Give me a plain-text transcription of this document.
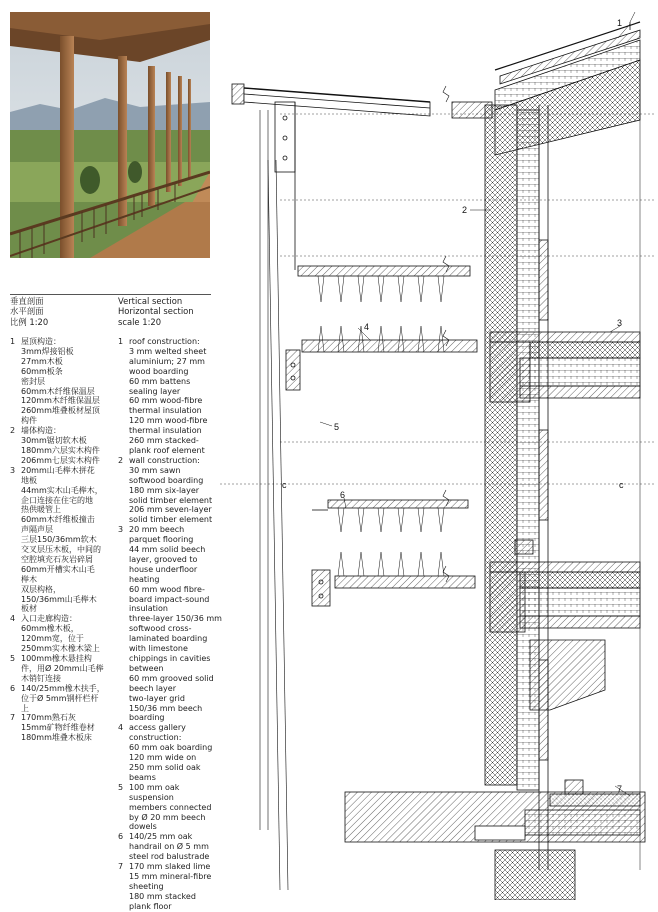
垂直剖面
水平剖面
比例 1:20
Vertical section
Horizontal section
scale 1:20
1 屋顶构造：
3mm焊接铝板
27mm木板
60mm板条
密封层
60mm木纤维保温层
120mm木纤维保温层
260mm堆叠板材屋顶
构件
2 墙体构造：
30mm锯切软木板
180mm六层实木构件
206mm七层实木构件
3 20mm山毛榉木拼花
地板
44mm实木山毛榉木，
企口连接在住宅的地
热供暖管上
60mm木纤维板撞击
声隔声层
三层150/36mm软木
交叉层压木板，中间的
空腔填充石灰岩碎屑
60mm开槽实木山毛
榉木
双层构格，
150/36mm山毛榉木
板材
4 入口走廊构造：
60mm橡木板，
120mm宽，位于
250mm实木橡木梁上
5 100mm橡木悬挂构
件，用Ø 20mm山毛榉
木销钉连接
6 140/25mm橡木扶手，
位于Ø 5mm钢杆栏杆
上
7 170mm熟石灰
15mm矿物纤维卷材
180mm堆叠木板床
1 roof construction:
3 mm welted sheet
aluminium; 27 mm
wood boarding
60 mm battens
sealing layer
60 mm wood-fibre
thermal insulation
120 mm wood-fibre
thermal insulation
260 mm stacked-
plank roof element
2 wall construction:
30 mm sawn
softwood boarding
180 mm six-layer
solid timber element
206 mm seven-layer
solid timber element
3 20 mm beech
parquet flooring
44 mm solid beech
layer, grooved to
house underfloor
heating
60 mm wood fibre-
board impact-sound
insulation
three-layer 150/36 mm
softwood cross-
laminated boarding
with limestone
chippings in cavities
between
60 mm grooved solid
beech layer
two-layer grid
150/36 mm beech
boarding
4 access gallery
construction:
60 mm oak boarding
120 mm wide on
250 mm solid oak
beams
5 100 mm oak
suspension
members connected
by Ø 20 mm beech
dowels
6 140/25 mm oak
handrail on Ø 5 mm
steel rod balustrade
7 170 mm slaked lime
15 mm mineral-fibre
sheeting
180 mm stacked
plank floor
1
2
3
4
5
6
7
c	c
